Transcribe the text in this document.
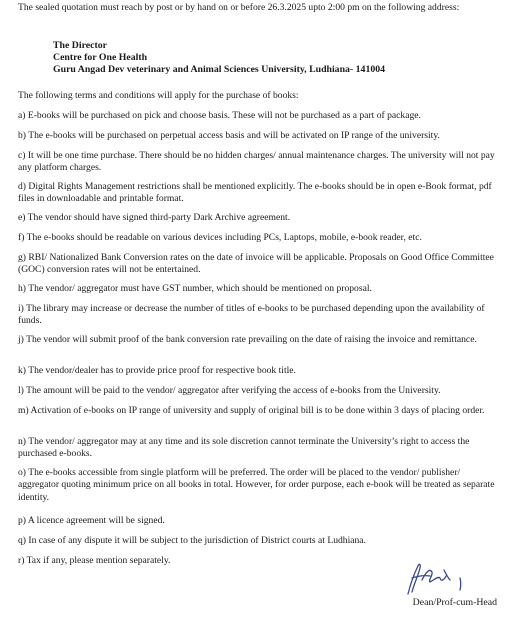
The sealed quotation must reach by post or by hand on or before 26.3.2025 upto 2:00 pm on the following address:

The Director

Centre for One Health

Guru Angad Dev veterinary and Animal Sciences University, Ludhiana- 141004

The following terms and conditions will apply for the purchase of books:

a) E-books will be purchased on pick and choose basis. These will not be purchased as a part of package.

b) The e-books will be purchased on perpetual access basis and will be activated on IP range of the university.

c) It will be one time purchase. There should be no hidden charges/ annual maintenance charges. The university will not pay any platform charges.

d) Digital Rights Management restrictions shall be mentioned explicitly. The e-books should be in open e-Book format, pdf files in downloadable and printable format.

e) The vendor should have signed third-party Dark Archive agreement.

f) The e-books should be readable on various devices including PCs, Laptops, mobile, e-book reader, etc.

g) RBI/ Nationalized Bank Conversion rates on the date of invoice will be applicable. Proposals on Good Office Committee (GOC) conversion rates will not be entertained.

h) The vendor/ aggregator must have GST number, which should be mentioned on proposal.

i) The library may increase or decrease the number of titles of e-books to be purchased depending upon the availability of funds.

j) The vendor will submit proof of the bank conversion rate prevailing on the date of raising the invoice and remittance.

k) The vendor/dealer has to provide price proof for respective book title.

l) The amount will be paid to the vendor/ aggregator after verifying the access of e-books from the University.

m) Activation of e-books on IP range of university and supply of original bill is to be done within 3 days of placing order.

n) The vendor/ aggregator may at any time and its sole discretion cannot terminate the University’s right to access the purchased e-books.

o) The e-books accessible from single platform will be preferred. The order will be placed to the vendor/ publisher/ aggregator quoting minimum price on all books in total. However, for order purpose, each e-book will be treated as separate identity.

p) A licence agreement will be signed.

q) In case of any dispute it will be subject to the jurisdiction of District courts at Ludhiana.

r) Tax if any, please mention separately.

Dean/Prof-cum-Head
